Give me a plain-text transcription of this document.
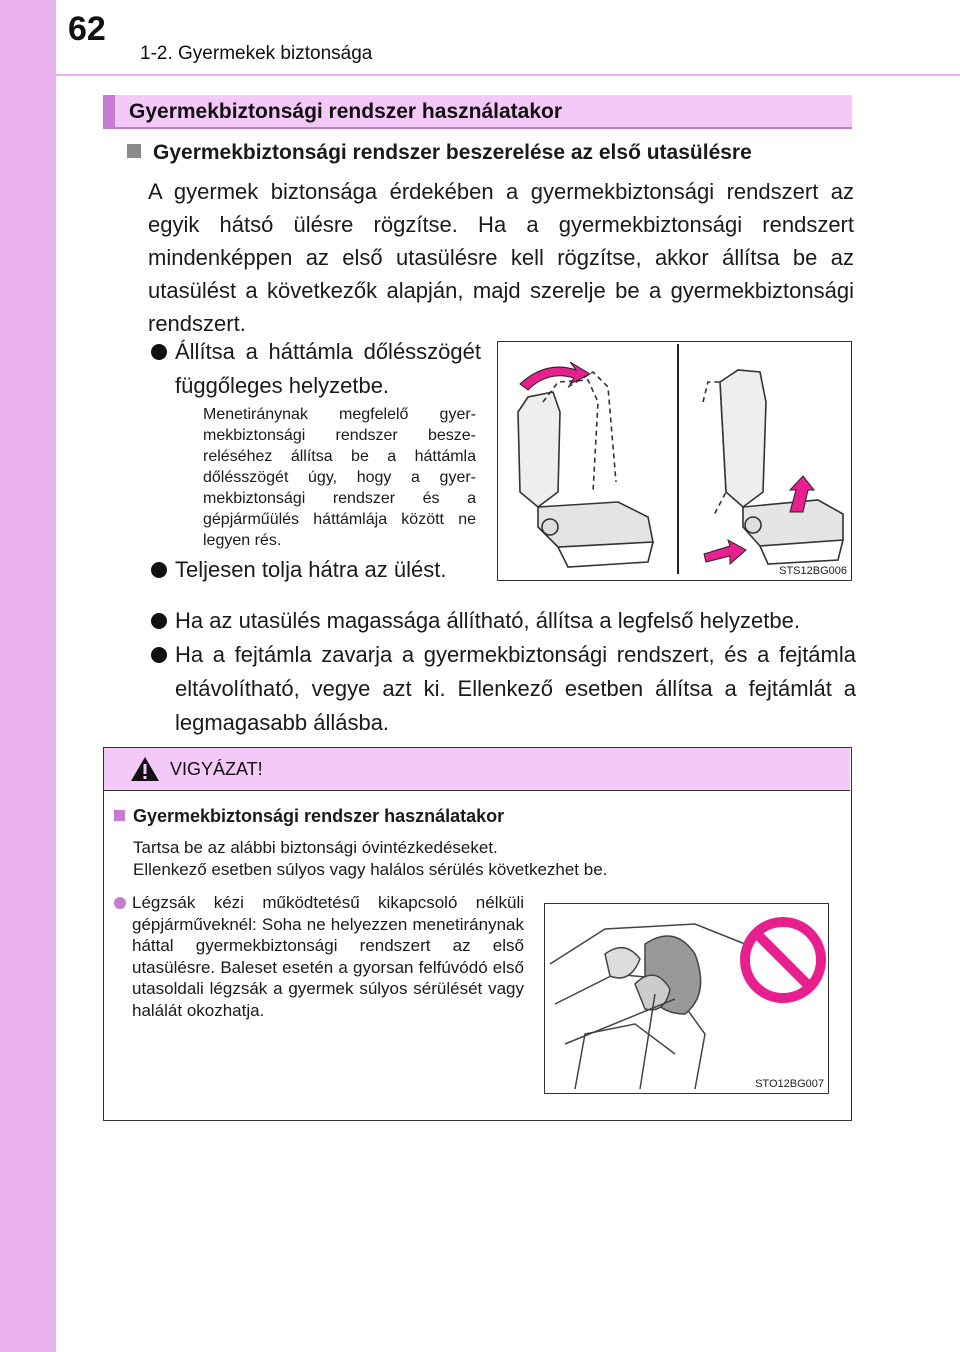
62
1-2. Gyermekek biztonsága
Gyermekbiztonsági rendszer használatakor
Gyermekbiztonsági rendszer beszerelése az első utasülésre
A gyermek biztonsága érdekében a gyermekbiztonsági rendszert az egyik hátsó ülésre rögzítse. Ha a gyermekbiztonsági rendszert mindenképpen az első utasülésre kell rögzítse, akkor állítsa be az utasülést a következők alapján, majd szerelje be a gyermekbiztonsági rendszert.
Állítsa a háttámla dőlésszögét függőleges helyzetbe.
Menetiránynak megfelelő gyermekbiztonsági rendszer beszereléséhez állítsa be a háttámla dőlésszögét úgy, hogy a gyermekbiztonsági rendszer és a gépjárműülés háttámlája között ne legyen rés.
Teljesen tolja hátra az ülést.
Ha az utasülés magassága állítható, állítsa a legfelső helyzetbe.
Ha a fejtámla zavarja a gyermekbiztonsági rendszert, és a fejtámla eltávolítható, vegye azt ki. Ellenkező esetben állítsa a fejtámlát a legmagasabb állásba.
STS12BG006
VIGYÁZAT!
Gyermekbiztonsági rendszer használatakor
Tartsa be az alábbi biztonsági óvintézkedéseket.
Ellenkező esetben súlyos vagy halálos sérülés következhet be.
Légzsák kézi működtetésű kikapcsoló nélküli gépjárműveknél: Soha ne helyezzen menetiránynak háttal gyermekbiztonsági rendszert az első utasülésre. Baleset esetén a gyorsan felfúvódó első utasoldali légzsák a gyermek súlyos sérülését vagy halálát okozhatja.
STO12BG007
